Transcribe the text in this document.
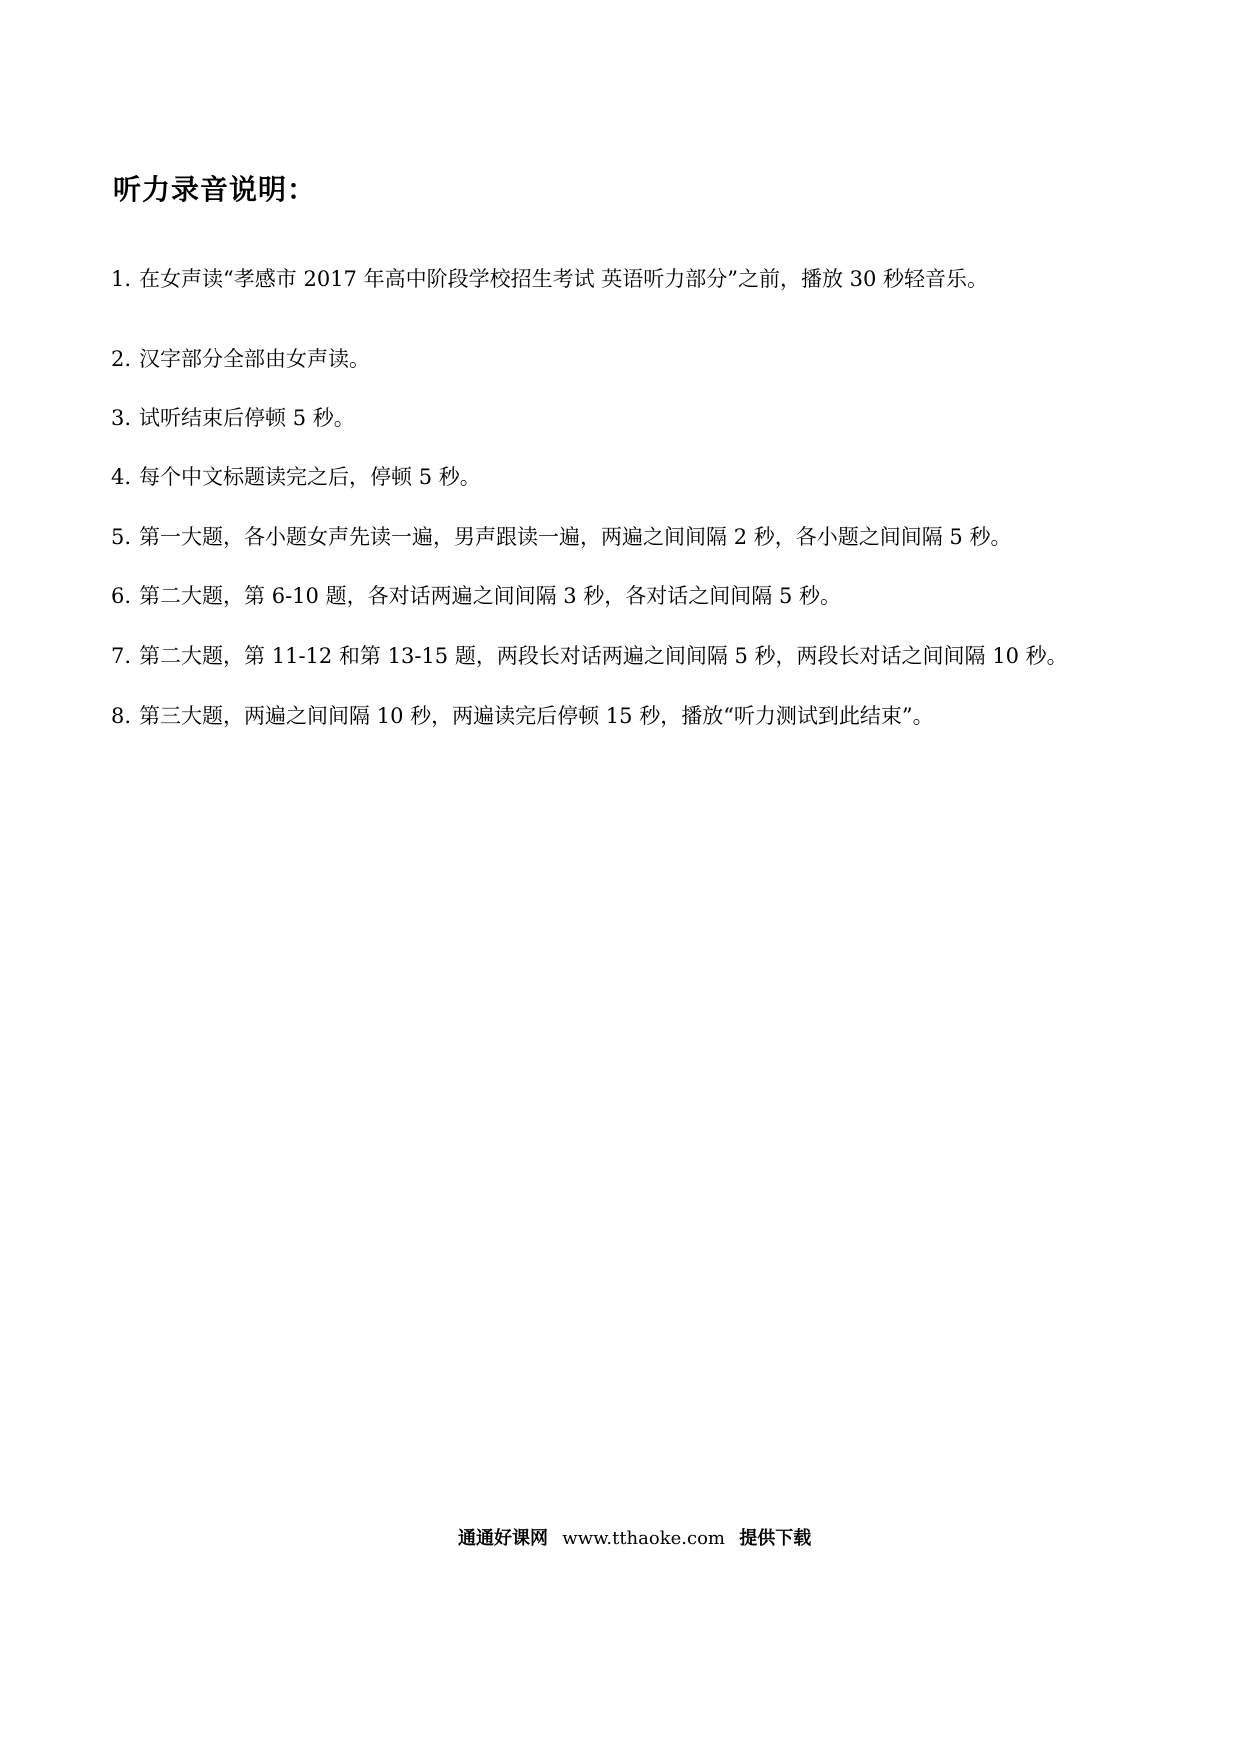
听力录音说明：
1. 在女声读“孝感市 2017 年高中阶段学校招生考试 英语听力部分”之前，播放 30 秒轻音乐。
2. 汉字部分全部由女声读。
3. 试听结束后停顿 5 秒。
4. 每个中文标题读完之后，停顿 5 秒。
5. 第一大题，各小题女声先读一遍，男声跟读一遍，两遍之间间隔 2 秒，各小题之间间隔 5 秒。
6. 第二大题，第 6-10 题，各对话两遍之间间隔 3 秒，各对话之间间隔 5 秒。
7. 第二大题，第 11-12 和第 13-15 题，两段长对话两遍之间间隔 5 秒，两段长对话之间间隔 10 秒。
8. 第三大题，两遍之间间隔 10 秒，两遍读完后停顿 15 秒，播放“听力测试到此结束”。
通通好课网 www.tthaoke.com 提供下载
